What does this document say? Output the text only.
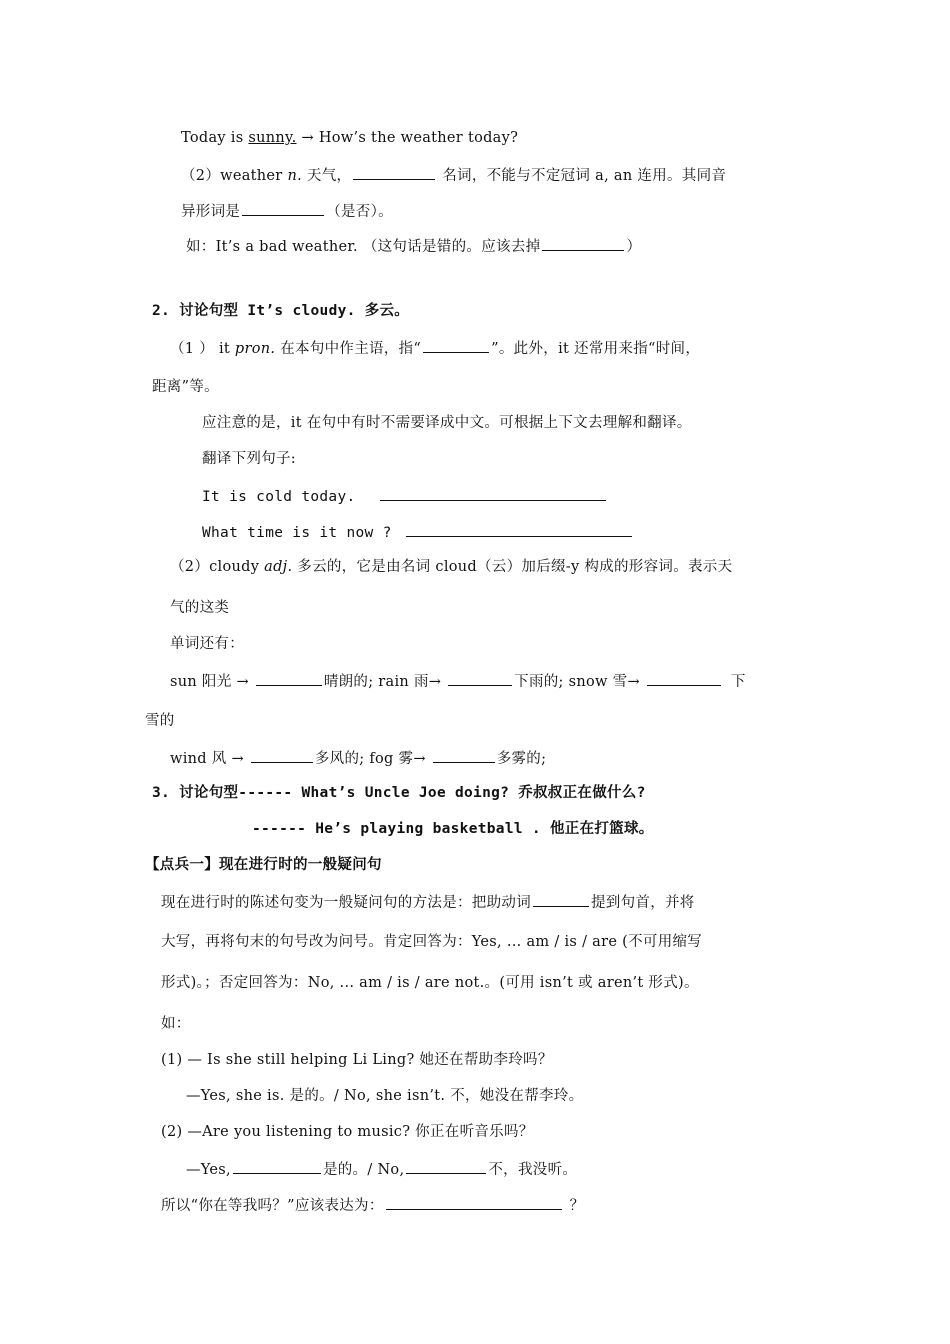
Today is sunny. → How’s the weather today?
（2）weather n. 天气，	名词，不能与不定冠词 a, an 连用。其同音
异形词是	（是否）。
如：It’s a bad weather. （这句话是错的。应该去掉	）
2. 讨论句型 It’s cloudy. 多云。
（1 ） it pron. 在本句中作主语，指“	”。此外，it 还常用来指“时间，
距离”等。
应注意的是，it 在句中有时不需要译成中文。可根据上下文去理解和翻译。
翻译下列句子:
It is cold today.
What time is it now ?
（2）cloudy adj. 多云的，它是由名词 cloud（云）加后缀-y 构成的形容词。表示天
气的这类
单词还有：
sun 阳光 →	晴朗的; rain 雨→	下雨的; snow 雪→	下
雪的
wind 风 →	多风的; fog 雾→	多雾的;
3. 讨论句型------ What’s Uncle Joe doing? 乔叔叔正在做什么?
------ He’s playing basketball . 他正在打篮球。
【点兵一】现在进行时的一般疑问句
现在进行时的陈述句变为一般疑问句的方法是：把助动词	提到句首，并将
大写，再将句末的句号改为问号。肯定回答为：Yes, ... am / is / are (不可用缩写
形式)。；否定回答为：No, ... am / is / are not.。(可用 isn’t 或 aren’t 形式)。
如：
(1) — Is she still helping Li Ling? 她还在帮助李玲吗？
—Yes, she is. 是的。/ No, she isn’t. 不，她没在帮李玲。
(2) —Are you listening to music? 你正在听音乐吗？
—Yes,	是的。/ No,	不，我没听。
所以“你在等我吗？”应该表达为：	？
